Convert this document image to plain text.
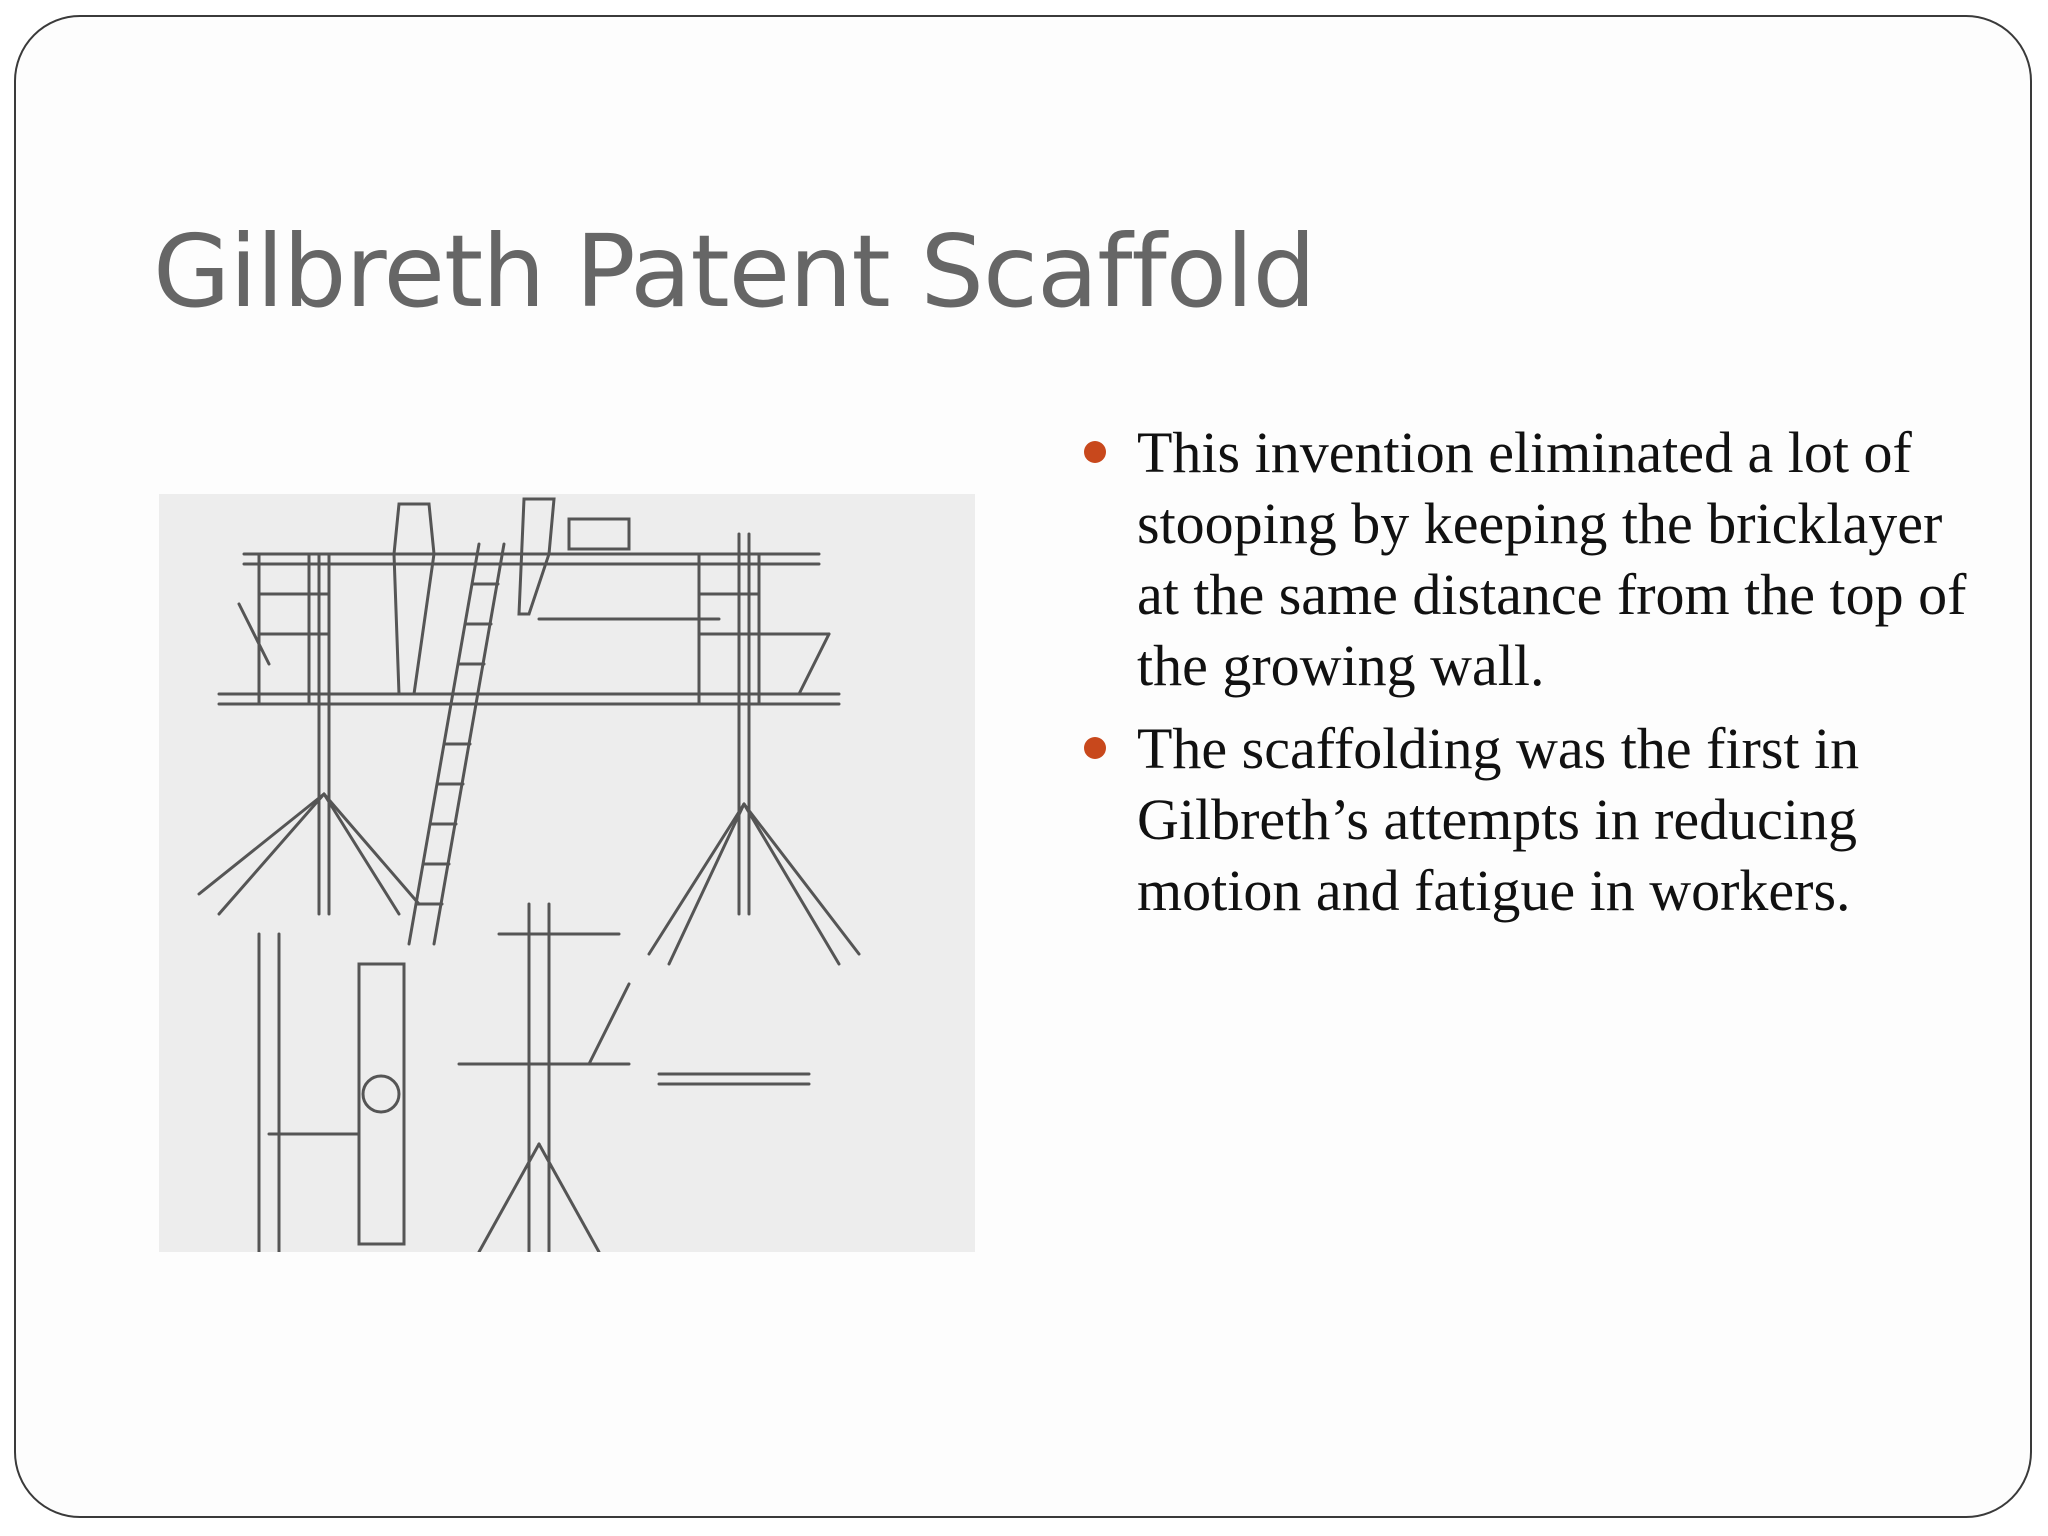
Gilbreth Patent Scaffold
This invention eliminated a lot of stooping by keeping the bricklayer at the same distance from the top of the growing wall.
The scaffolding was the first in Gilbreth’s attempts in reducing motion and fatigue in workers.
